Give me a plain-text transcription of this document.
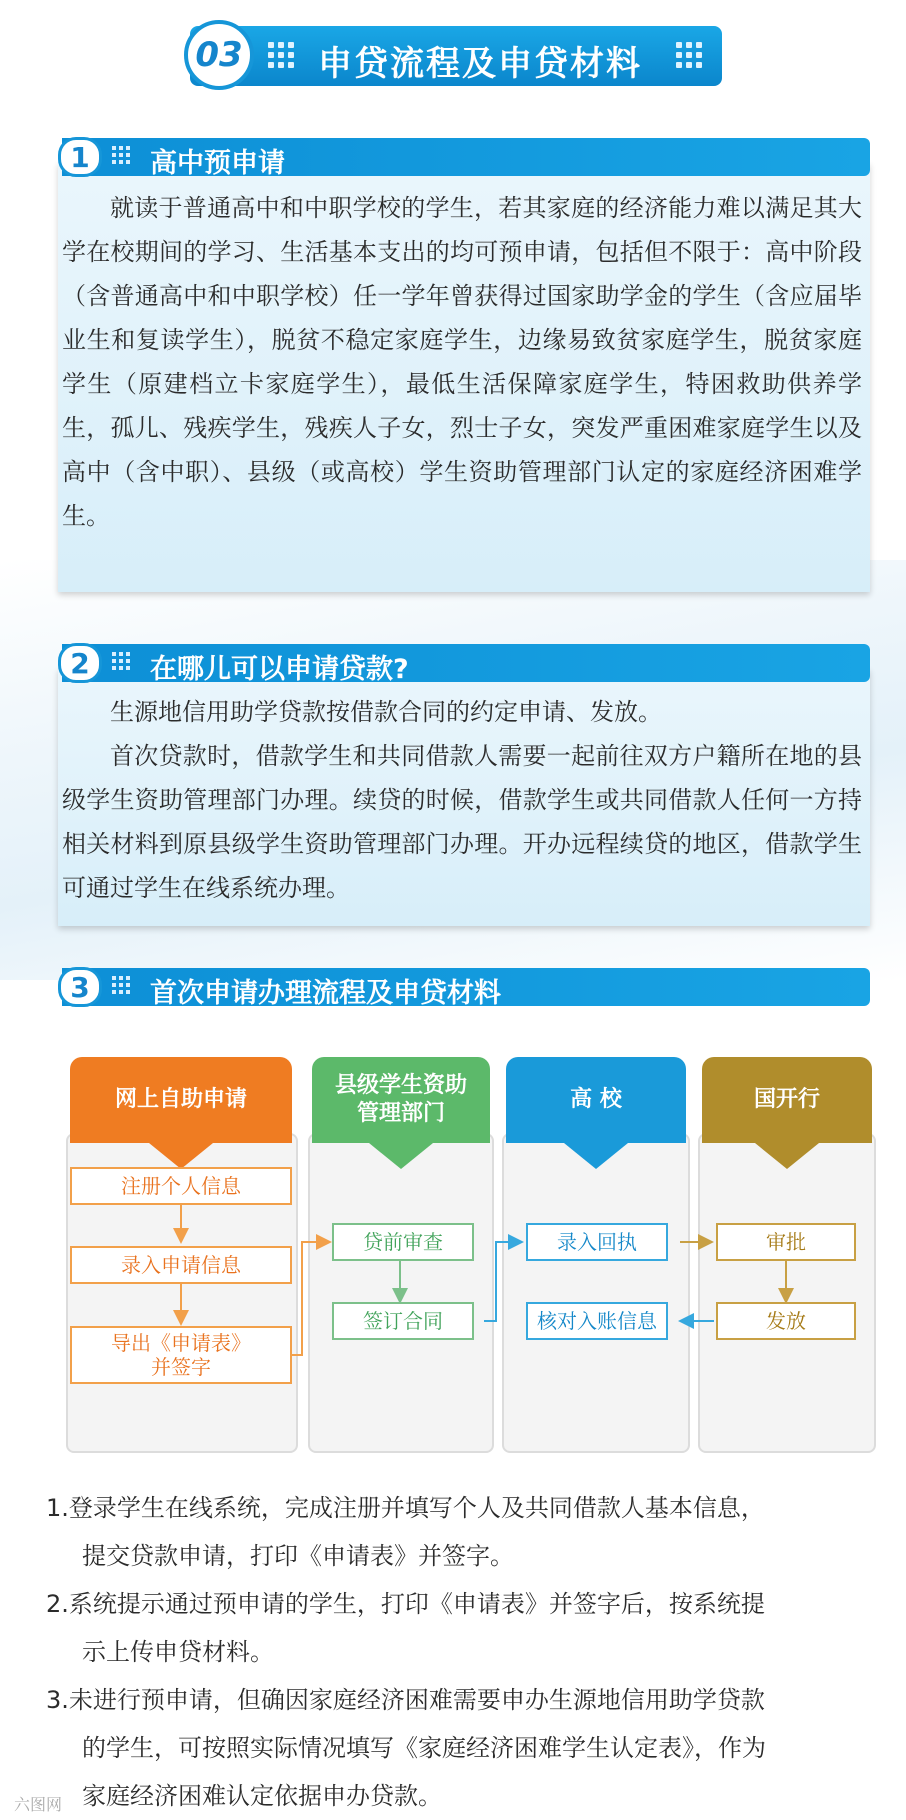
03	申贷流程及申贷材料
1	高中预申请

就读于普通高中和中职学校的学生，若其家庭的经济能力难以满足其大学在校期间的学习、生活基本支出的均可预申请，包括但不限于：高中阶段（含普通高中和中职学校）任一学年曾获得过国家助学金的学生（含应届毕业生和复读学生），脱贫不稳定家庭学生，边缘易致贫家庭学生，脱贫家庭学生（原建档立卡家庭学生），最低生活保障家庭学生，特困救助供养学生，孤儿、残疾学生，残疾人子女，烈士子女，突发严重困难家庭学生以及高中（含中职）、县级（或高校）学生资助管理部门认定的家庭经济困难学生。

2	在哪儿可以申请贷款?

生源地信用助学贷款按借款合同的约定申请、发放。

首次贷款时，借款学生和共同借款人需要一起前往双方户籍所在地的县级学生资助管理部门办理。续贷的时候，借款学生或共同借款人任何一方持相关材料到原县级学生资助管理部门办理。开办远程续贷的地区，借款学生可通过学生在线系统办理。

3	首次申请办理流程及申贷材料
网上自助申请
县级学生资助
管理部门
高 校	国开行
注册个人信息
录入申请信息
导出《申请表》
并签字
贷前审查
签订合同
录入回执
核对入账信息
审批
发放

1.登录学生在线系统，完成注册并填写个人及共同借款人基本信息，
提交贷款申请，打印《申请表》并签字。

2.系统提示通过预申请的学生，打印《申请表》并签字后，按系统提
示上传申贷材料。

3.未进行预申请，但确因家庭经济困难需要申办生源地信用助学贷款
的学生，可按照实际情况填写《家庭经济困难学生认定表》，作为
家庭经济困难认定依据申办贷款。

六图网
